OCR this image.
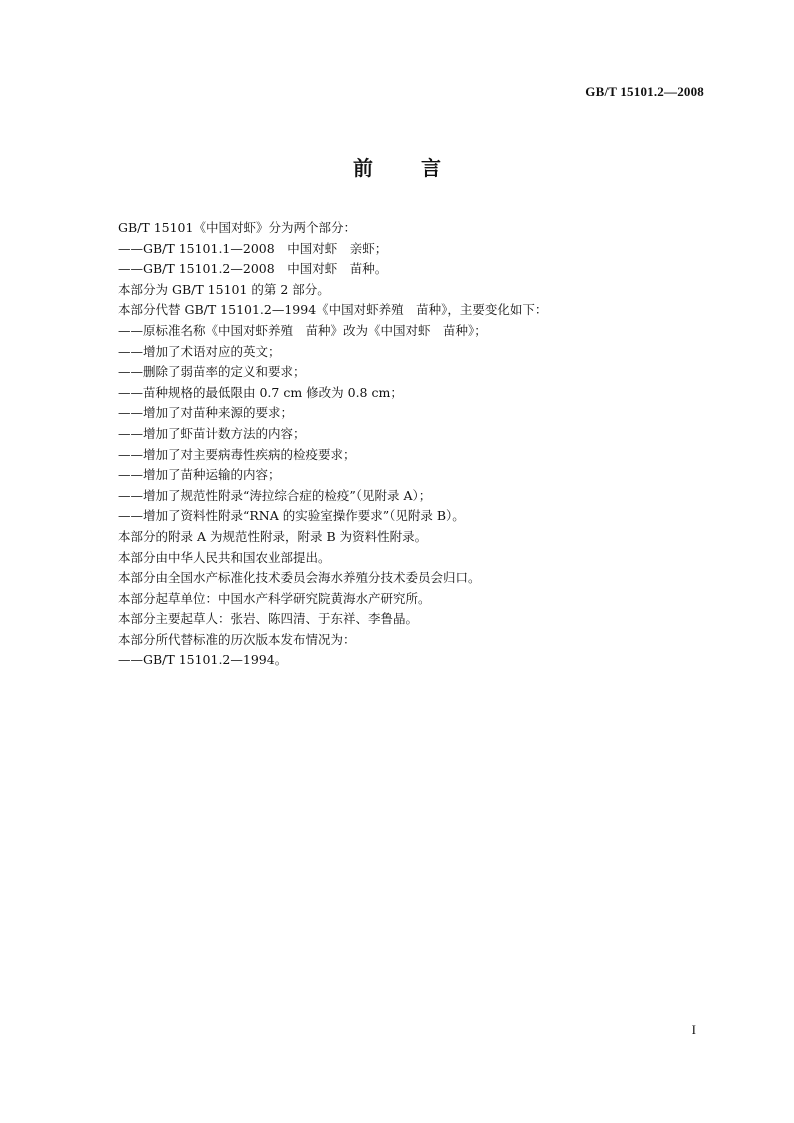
GB/T 15101.2—2008
前言
GB/T 15101《中国对虾》分为两个部分：
——GB/T 15101.1—2008　中国对虾　亲虾；
——GB/T 15101.2—2008　中国对虾　苗种。
本部分为 GB/T 15101 的第 2 部分。
本部分代替 GB/T 15101.2—1994《中国对虾养殖　苗种》，主要变化如下：
——原标准名称《中国对虾养殖　苗种》改为《中国对虾　苗种》；
——增加了术语对应的英文；
——删除了弱苗率的定义和要求；
——苗种规格的最低限由 0.7 cm 修改为 0.8 cm；
——增加了对苗种来源的要求；
——增加了虾苗计数方法的内容；
——增加了对主要病毒性疾病的检疫要求；
——增加了苗种运输的内容；
——增加了规范性附录“涛拉综合症的检疫”（见附录 A）；
——增加了资料性附录“RNA 的实验室操作要求”（见附录 B）。
本部分的附录 A 为规范性附录，附录 B 为资料性附录。
本部分由中华人民共和国农业部提出。
本部分由全国水产标准化技术委员会海水养殖分技术委员会归口。
本部分起草单位：中国水产科学研究院黄海水产研究所。
本部分主要起草人：张岩、陈四清、于东祥、李鲁晶。
本部分所代替标准的历次版本发布情况为：
——GB/T 15101.2—1994。
I
